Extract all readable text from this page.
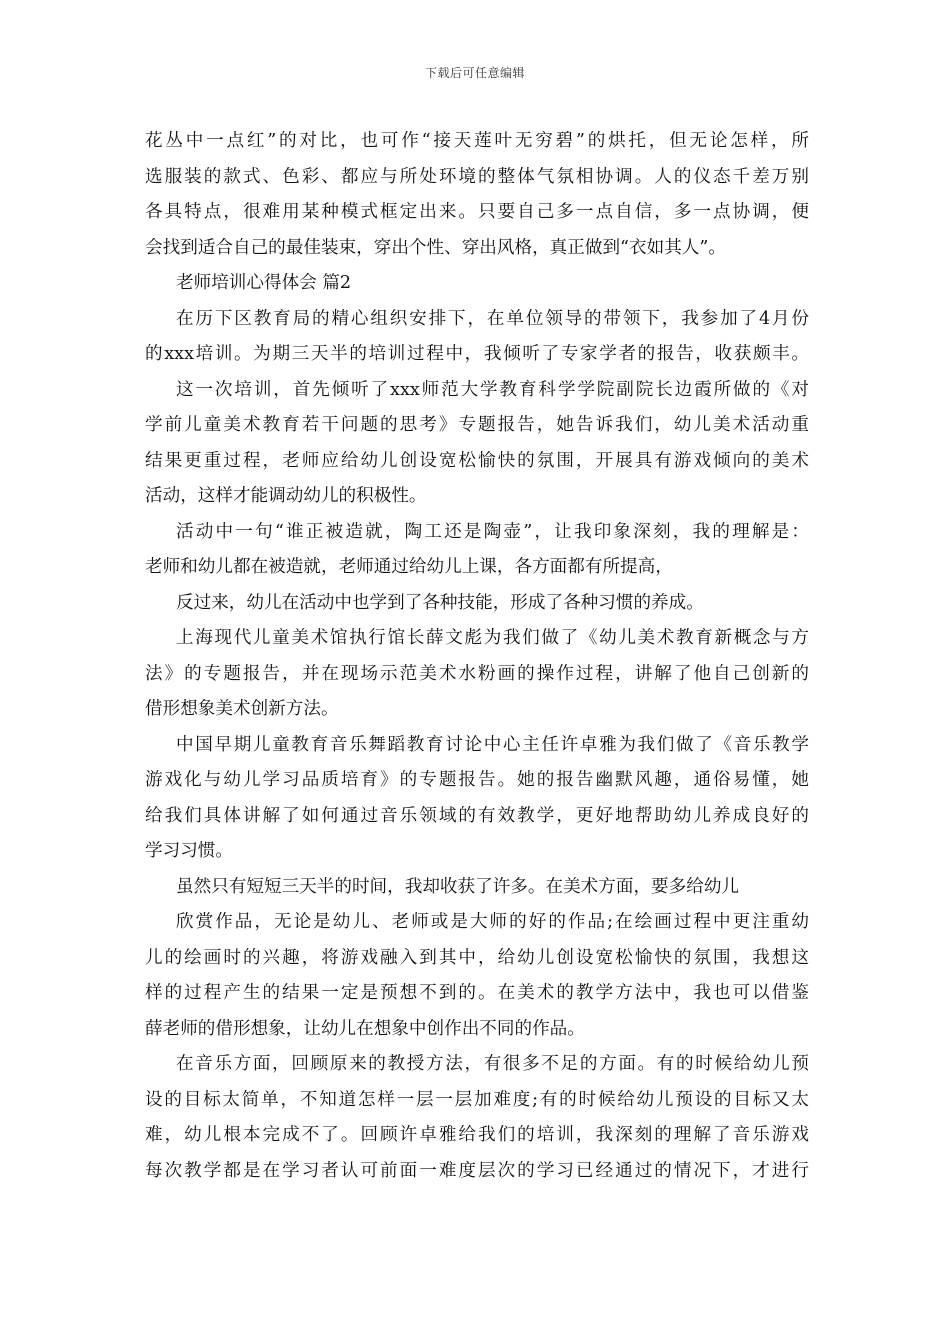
下载后可任意编辑
花丛中一点红”的对比，也可作“接天莲叶无穷碧”的烘托，但无论怎样，所
选服装的款式、色彩、都应与所处环境的整体气氛相协调。人的仪态千差万别
各具特点，很难用某种模式框定出来。只要自己多一点自信，多一点协调，便
会找到适合自己的最佳装束，穿出个性、穿出风格，真正做到“衣如其人”。
老师培训心得体会 篇2
在历下区教育局的精心组织安排下，在单位领导的带领下，我参加了4月份
的xxx培训。为期三天半的培训过程中，我倾听了专家学者的报告，收获颇丰。
这一次培训，首先倾听了xxx师范大学教育科学学院副院长边霞所做的《对
学前儿童美术教育若干问题的思考》专题报告，她告诉我们，幼儿美术活动重
结果更重过程，老师应给幼儿创设宽松愉快的氛围，开展具有游戏倾向的美术
活动，这样才能调动幼儿的积极性。
活动中一句“谁正被造就，陶工还是陶壶”，让我印象深刻，我的理解是：
老师和幼儿都在被造就，老师通过给幼儿上课，各方面都有所提高，
反过来，幼儿在活动中也学到了各种技能，形成了各种习惯的养成。
上海现代儿童美术馆执行馆长薛文彪为我们做了《幼儿美术教育新概念与方
法》的专题报告，并在现场示范美术水粉画的操作过程，讲解了他自己创新的
借形想象美术创新方法。
中国早期儿童教育音乐舞蹈教育讨论中心主任许卓雅为我们做了《音乐教学
游戏化与幼儿学习品质培育》的专题报告。她的报告幽默风趣，通俗易懂，她
给我们具体讲解了如何通过音乐领域的有效教学，更好地帮助幼儿养成良好的
学习习惯。
虽然只有短短三天半的时间，我却收获了许多。在美术方面，要多给幼儿
欣赏作品，无论是幼儿、老师或是大师的好的作品;在绘画过程中更注重幼
儿的绘画时的兴趣，将游戏融入到其中，给幼儿创设宽松愉快的氛围，我想这
样的过程产生的结果一定是预想不到的。在美术的教学方法中，我也可以借鉴
薛老师的借形想象，让幼儿在想象中创作出不同的作品。
在音乐方面，回顾原来的教授方法，有很多不足的方面。有的时候给幼儿预
设的目标太简单，不知道怎样一层一层加难度;有的时候给幼儿预设的目标又太
难，幼儿根本完成不了。回顾许卓雅给我们的培训，我深刻的理解了音乐游戏
每次教学都是在学习者认可前面一难度层次的学习已经通过的情况下，才进行
